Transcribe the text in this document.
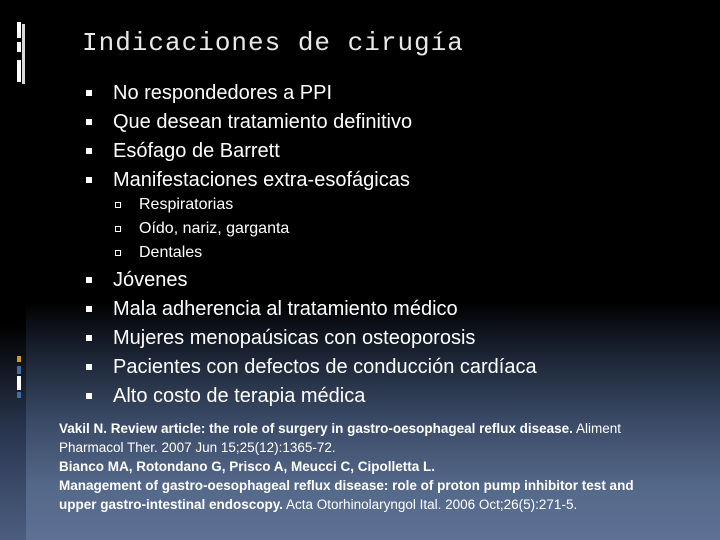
Indicaciones de cirugía
No respondedores a PPI
Que desean tratamiento definitivo
Esófago de Barrett
Manifestaciones extra-esofágicas
Respiratorias
Oído, nariz, garganta
Dentales
Jóvenes
Mala adherencia al tratamiento médico
Mujeres menopaúsicas con osteoporosis
Pacientes con defectos de conducción cardíaca
Alto costo de terapia médica
Vakil N. Review article: the role of surgery in gastro-oesophageal reflux disease. Aliment Pharmacol Ther. 2007 Jun 15;25(12):1365-72.
Bianco MA, Rotondano G, Prisco A, Meucci C, Cipolletta L.
Management of gastro-oesophageal reflux disease: role of proton pump inhibitor test and upper gastro-intestinal endoscopy. Acta Otorhinolaryngol Ital. 2006 Oct;26(5):271-5.
